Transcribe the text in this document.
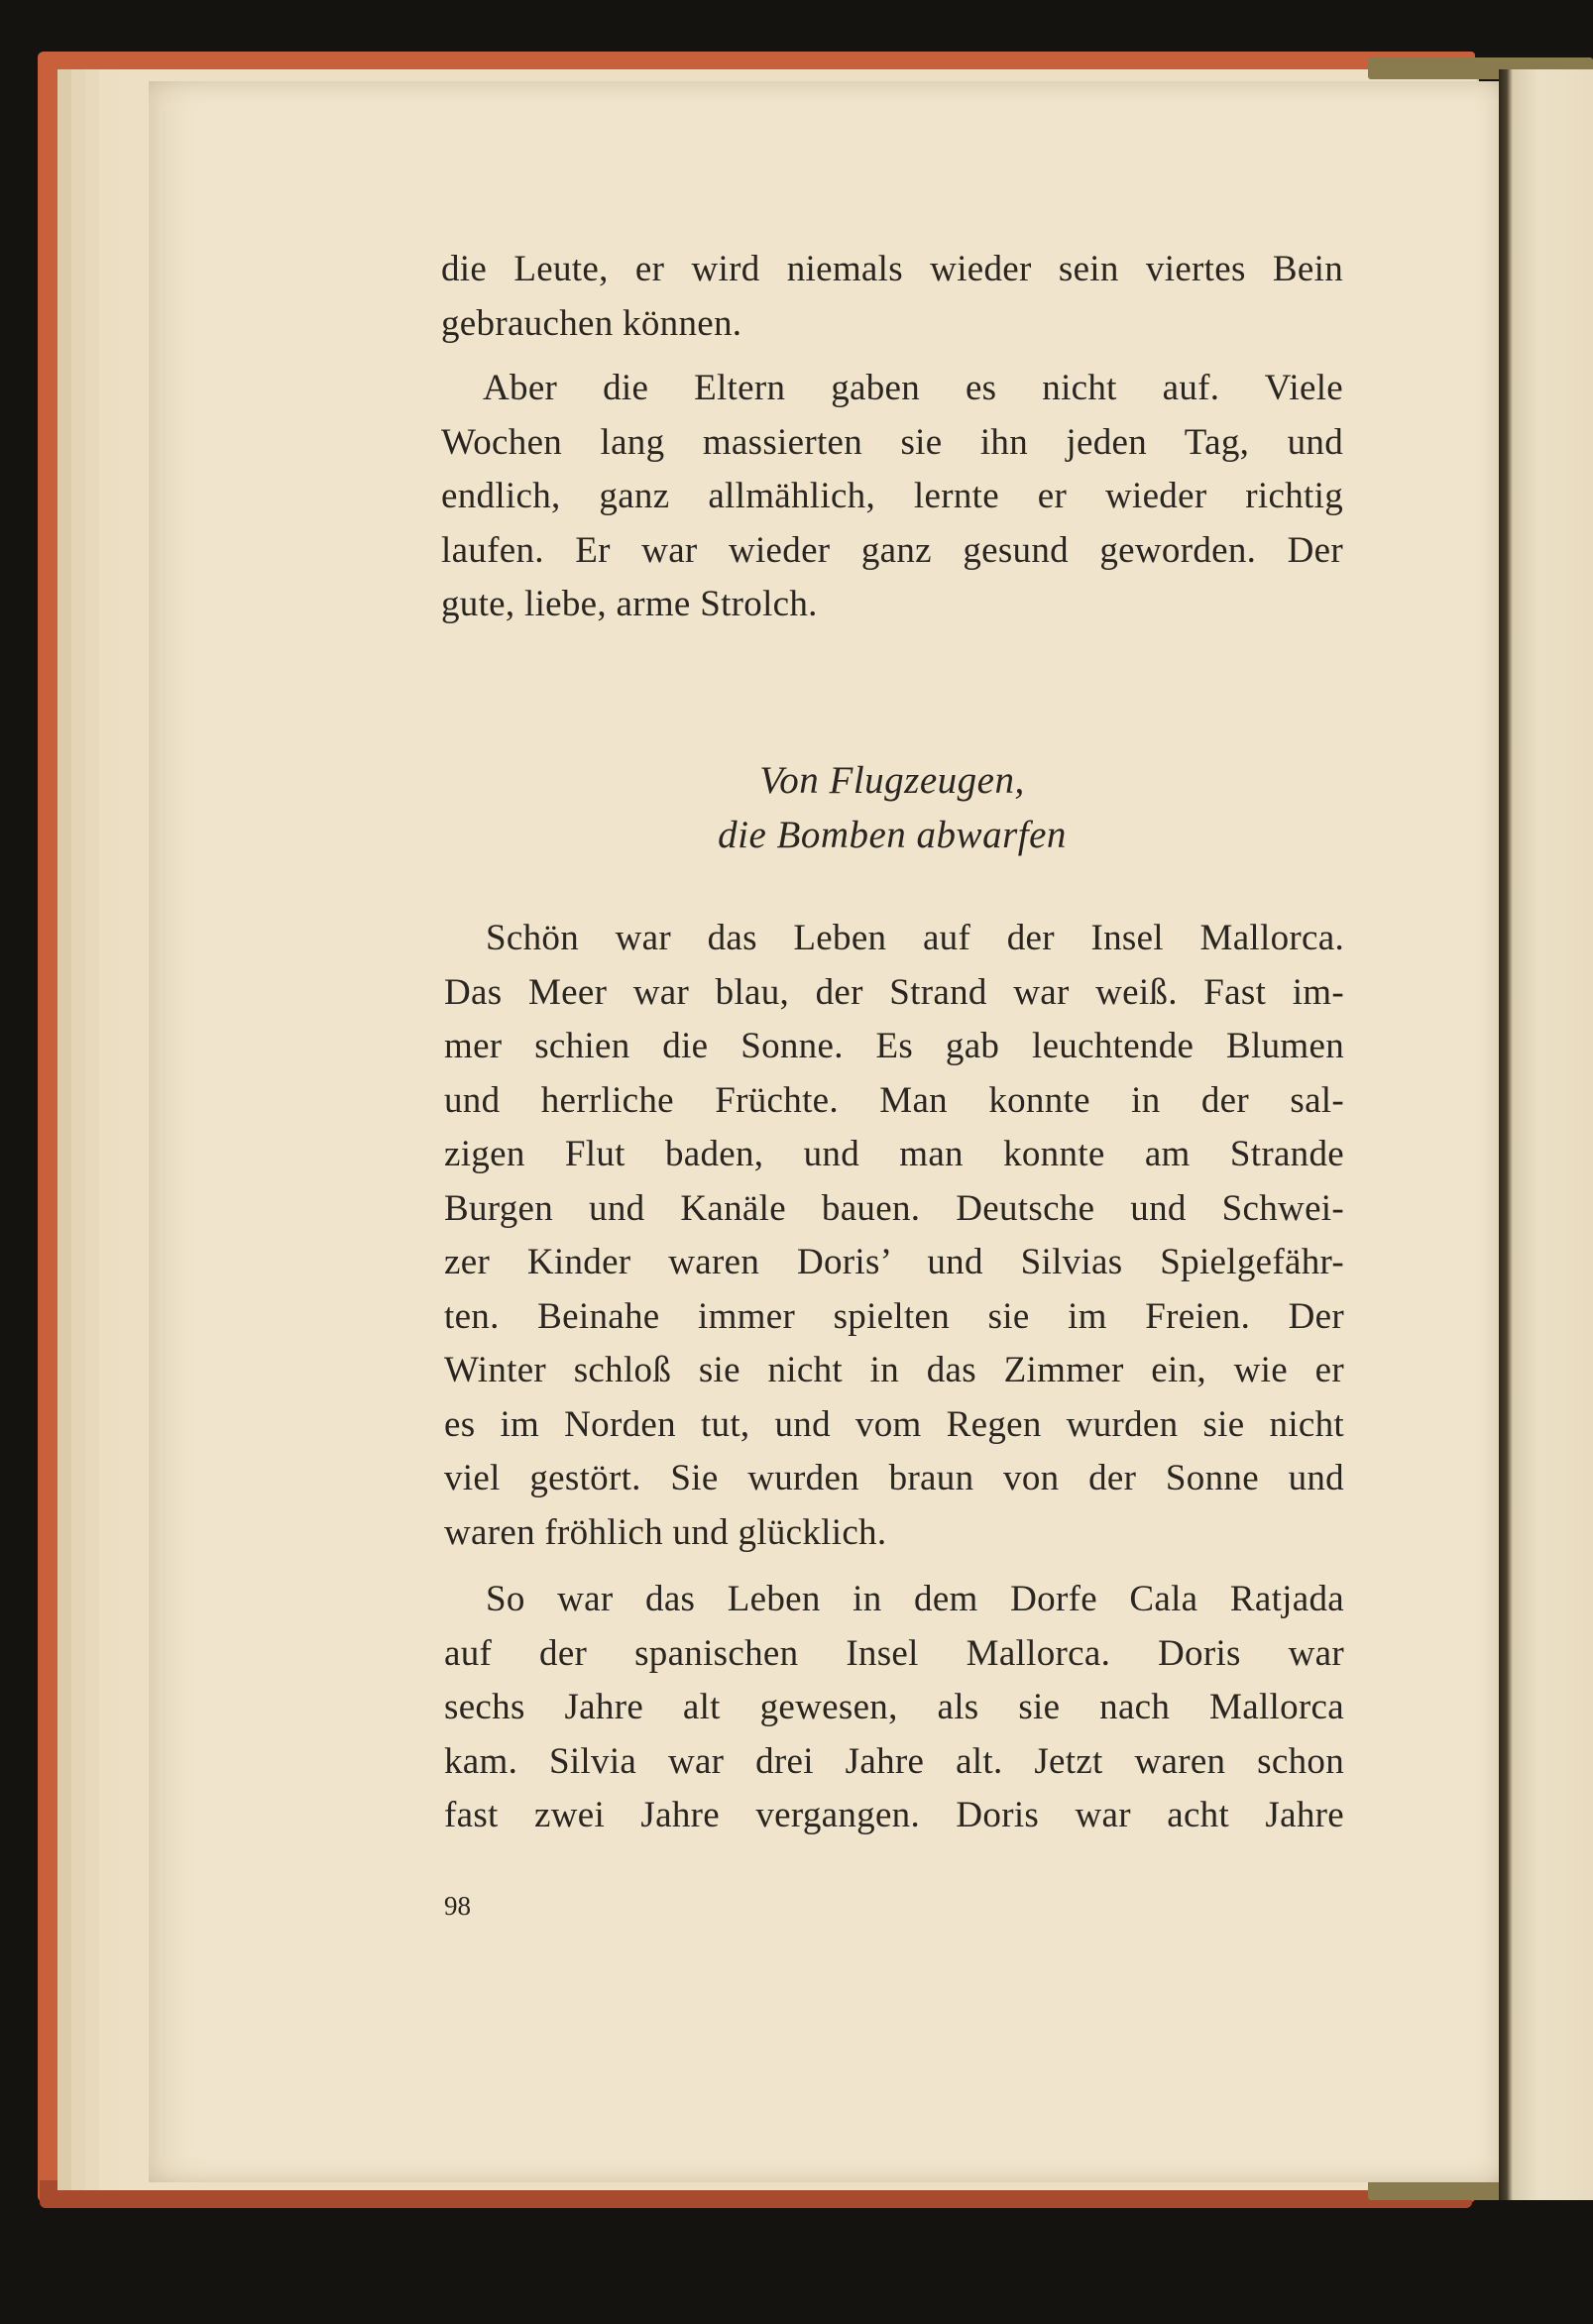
die Leute, er wird niemals wieder sein viertes Bein
gebrauchen können.

Aber die Eltern gaben es nicht auf. Viele
Wochen lang massierten sie ihn jeden Tag, und
endlich, ganz allmählich, lernte er wieder richtig
laufen. Er war wieder ganz gesund geworden. Der
gute, liebe, arme Strolch.

Von Flugzeugen,
die Bomben abwarfen
Schön war das Leben auf der Insel Mallorca.
Das Meer war blau, der Strand war weiß. Fast im-
mer schien die Sonne. Es gab leuchtende Blumen
und herrliche Früchte. Man konnte in der sal-
zigen Flut baden, und man konnte am Strande
Burgen und Kanäle bauen. Deutsche und Schwei-
zer Kinder waren Doris’ und Silvias Spielgefähr-
ten. Beinahe immer spielten sie im Freien. Der
Winter schloß sie nicht in das Zimmer ein, wie er
es im Norden tut, und vom Regen wurden sie nicht
viel gestört. Sie wurden braun von der Sonne und
waren fröhlich und glücklich.
So war das Leben in dem Dorfe Cala Ratjada
auf der spanischen Insel Mallorca. Doris war
sechs Jahre alt gewesen, als sie nach Mallorca
kam. Silvia war drei Jahre alt. Jetzt waren schon
fast zwei Jahre vergangen. Doris war acht Jahre
98
